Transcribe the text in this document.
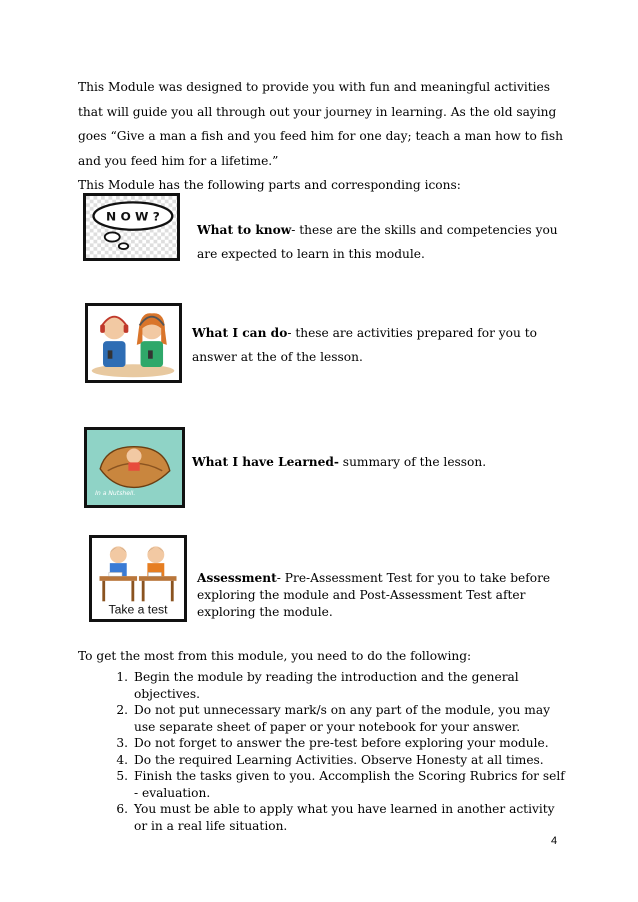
This Module was designed to provide you with fun and meaningful activities that will guide you all through out your journey in learning. As the old saying goes “Give a man a fish and you feed him for one day; teach a man how to fish and you feed him for a lifetime.”

This Module has the following parts and corresponding icons:

N O W ?
What to know- these are the skills and competencies you are expected to learn in this module.
What I can do- these are activities prepared for you to answer at the of the lesson.
In a Nutshell.
What I have Learned- summary of the lesson.
Take a test
Assessment- Pre-Assessment Test for you to take before exploring the module and Post-Assessment Test after exploring the module.
To get the most from this module, you need to do the following:
1. Begin the module by reading the introduction and the general objectives.
2. Do not put unnecessary mark/s on any part of the module, you may use separate sheet of paper or your notebook for your answer.
3. Do not forget to answer the pre-test before exploring your module.
4. Do the required Learning Activities. Observe Honesty at all times.
5. Finish the tasks given to you. Accomplish the Scoring Rubrics for self - evaluation.
6. You must be able to apply what you have learned in another activity or in a real life situation.
4
